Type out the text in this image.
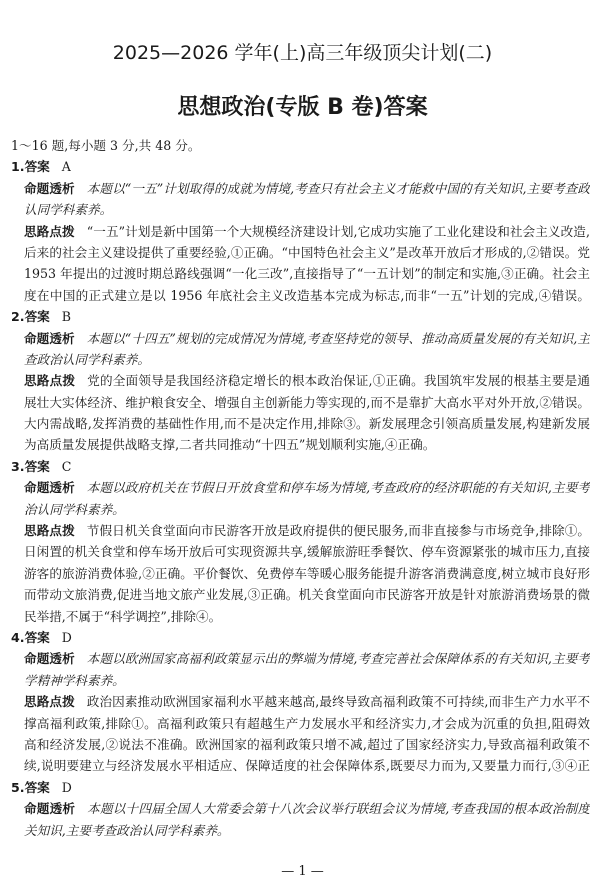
2025—2026 学年(上)高三年级顶尖计划(二)
思想政治(专版 B 卷)答案
1～16 题,每小题 3 分,共 48 分。
1.答案 A
命题透析 本题以“一五”计划取得的成就为情境,考查只有社会主义才能救中国的有关知识,主要考查政
认同学科素养。
思路点拨 “一五”计划是新中国第一个大规模经济建设计划,它成功实施了工业化建设和社会主义改造,
后来的社会主义建设提供了重要经验,①正确。“中国特色社会主义”是改革开放后才形成的,②错误。党
1953 年提出的过渡时期总路线强调“一化三改”,直接指导了“一五计划”的制定和实施,③正确。社会主
度在中国的正式建立是以 1956 年底社会主义改造基本完成为标志,而非“一五”计划的完成,④错误。
2.答案 B
命题透析 本题以“十四五”规划的完成情况为情境,考查坚持党的领导、推动高质量发展的有关知识,主
查政治认同学科素养。
思路点拨 党的全面领导是我国经济稳定增长的根本政治保证,①正确。我国筑牢发展的根基主要是通
展壮大实体经济、维护粮食安全、增强自主创新能力等实现的,而不是靠扩大高水平对外开放,②错误。
大内需战略,发挥消费的基础性作用,而不是决定作用,排除③。新发展理念引领高质量发展,构建新发展
为高质量发展提供战略支撑,二者共同推动“十四五”规划顺利实施,④正确。
3.答案 C
命题透析 本题以政府机关在节假日开放食堂和停车场为情境,考查政府的经济职能的有关知识,主要考
治认同学科素养。
思路点拨 节假日机关食堂面向市民游客开放是政府提供的便民服务,而非直接参与市场竞争,排除①。
日闲置的机关食堂和停车场开放后可实现资源共享,缓解旅游旺季餐饮、停车资源紧张的城市压力,直接
游客的旅游消费体验,②正确。平价餐饮、免费停车等暖心服务能提升游客消费满意度,树立城市良好形
而带动文旅消费,促进当地文旅产业发展,③正确。机关食堂面向市民游客开放是针对旅游消费场景的微
民举措,不属于“科学调控”,排除④。
4.答案 D
命题透析 本题以欧洲国家高福利政策显示出的弊端为情境,考查完善社会保障体系的有关知识,主要考
学精神学科素养。
思路点拨 政治因素推动欧洲国家福利水平越来越高,最终导致高福利政策不可持续,而非生产力水平不
撑高福利政策,排除①。高福利政策只有超越生产力发展水平和经济实力,才会成为沉重的负担,阻碍效
高和经济发展,②说法不准确。欧洲国家的福利政策只增不减,超过了国家经济实力,导致高福利政策不
续,说明要建立与经济发展水平相适应、保障适度的社会保障体系,既要尽力而为,又要量力而行,③④正
5.答案 D
命题透析 本题以十四届全国人大常委会第十八次会议举行联组会议为情境,考查我国的根本政治制度
关知识,主要考查政治认同学科素养。
— 1 —
